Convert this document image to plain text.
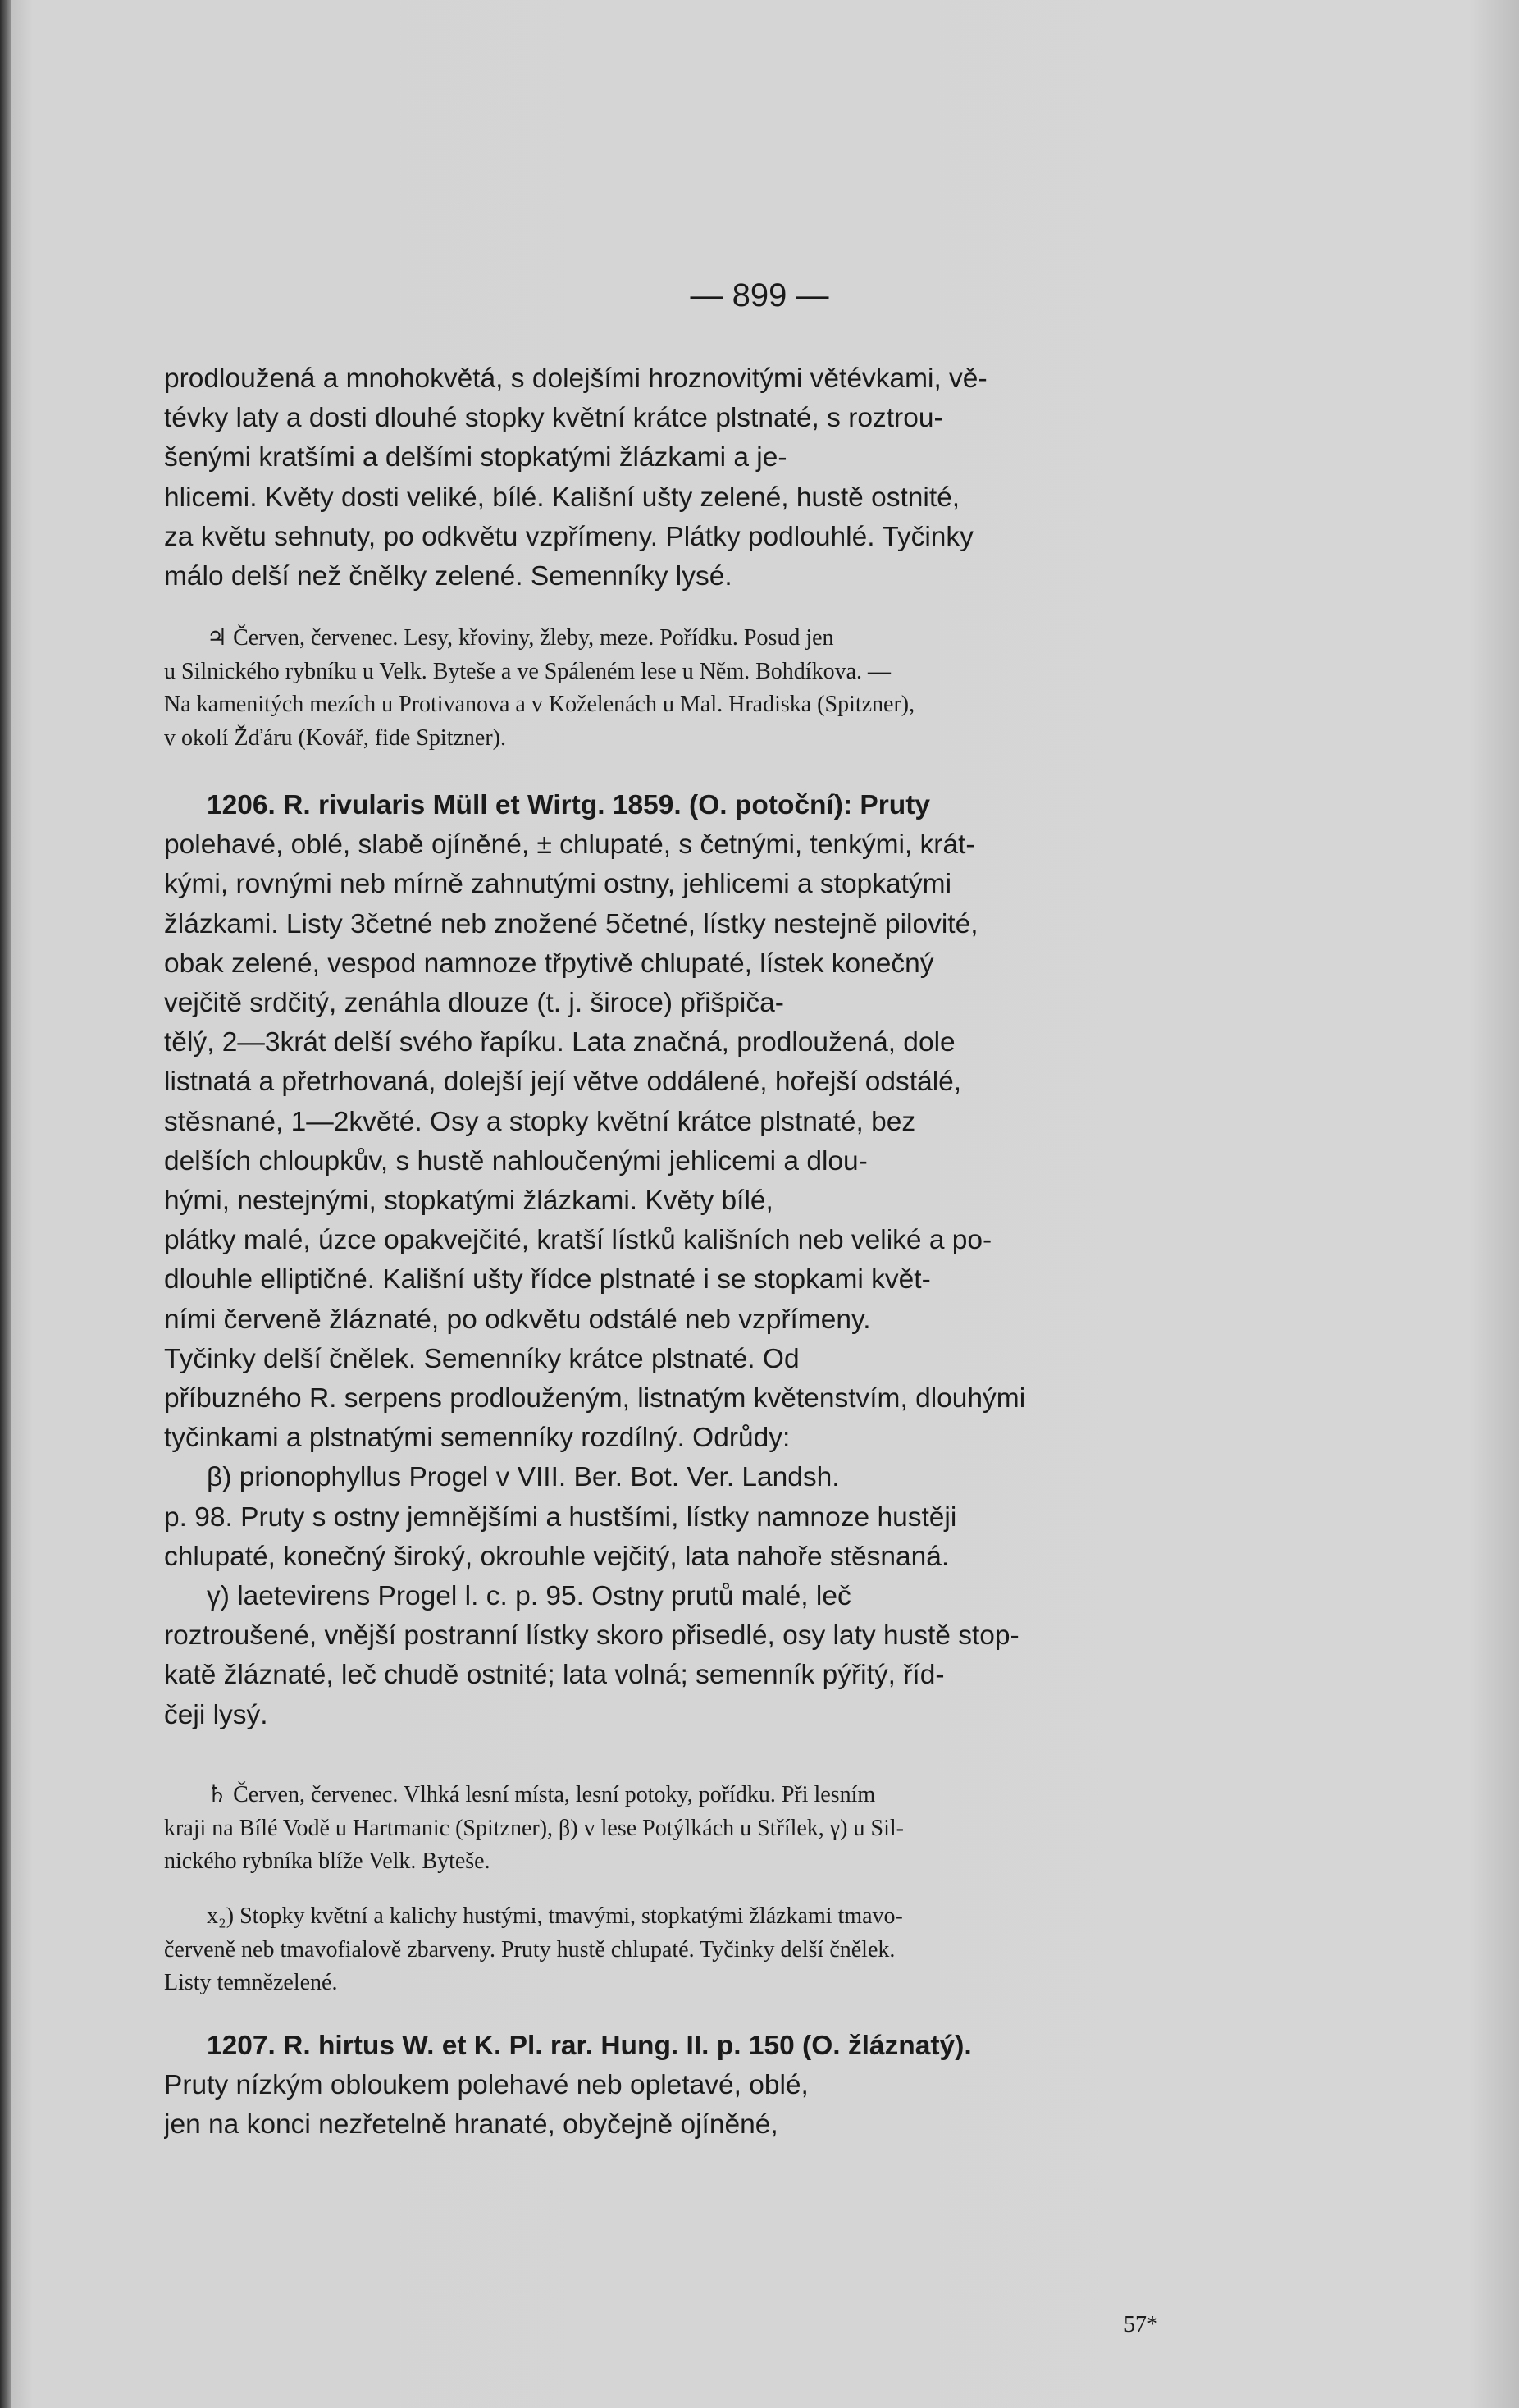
— 899 —
prodloužená a mnohokvětá, s dolejšími hroznovitými větévkami, vě-
tévky laty a dosti dlouhé stopky květní krátce plstnaté, s roztrou-
šenými kratšími a delšími stopkatými žlázkami a je-
hlicemi. Květy dosti veliké, bílé. Kališní ušty zelené, hustě ostnité,
za květu sehnuty, po odkvětu vzpřímeny. Plátky podlouhlé. Tyčinky
málo delší než čnělky zelené. Semenníky lysé.
♃ Červen, červenec. Lesy, křoviny, žleby, meze. Pořídku. Posud jen
u Silnického rybníku u Velk. Byteše a ve Spáleném lese u Něm. Bohdíkova. —
Na kamenitých mezích u Protivanova a v Koželenách u Mal. Hradiska (Spitzner),
v okolí Žďáru (Kovář, fide Spitzner).
1206. R. rivularis Müll et Wirtg. 1859. (O. potoční): Pruty
polehavé, oblé, slabě ojíněné, ± chlupaté, s četnými, tenkými, krát-
kými, rovnými neb mírně zahnutými ostny, jehlicemi a stopkatými
žlázkami. Listy 3četné neb znožené 5četné, lístky nestejně pilovité,
obak zelené, vespod namnoze třpytivě chlupaté, lístek konečný
vejčitě srdčitý, zenáhla dlouze (t. j. široce) přišpiča-
tělý, 2—3krát delší svého řapíku. Lata značná, prodloužená, dole
listnatá a přetrhovaná, dolejší její větve oddálené, hořejší odstálé,
stěsnané, 1—2květé. Osy a stopky květní krátce plstnaté, bez
delších chloupkův, s hustě nahloučenými jehlicemi a dlou-
hými, nestejnými, stopkatými žlázkami. Květy bílé,
plátky malé, úzce opakvejčité, kratší lístků kališních neb veliké a po-
dlouhle elliptičné. Kališní ušty řídce plstnaté i se stopkami květ-
ními červeně žláznaté, po odkvětu odstálé neb vzpřímeny.
Tyčinky delší čnělek. Semenníky krátce plstnaté. Od
příbuzného R. serpens prodlouženým, listnatým květenstvím, dlouhými
tyčinkami a plstnatými semenníky rozdílný. Odrůdy:
β) prionophyllus Progel v VIII. Ber. Bot. Ver. Landsh.
p. 98. Pruty s ostny jemnějšími a hustšími, lístky namnoze hustěji
chlupaté, konečný široký, okrouhle vejčitý, lata nahoře stěsnaná.
γ) laetevirens Progel l. c. p. 95. Ostny prutů malé, leč
roztroušené, vnější postranní lístky skoro přisedlé, osy laty hustě stop-
katě žláznaté, leč chudě ostnité; lata volná; semenník pýřitý, říd-
čeji lysý.
♄ Červen, červenec. Vlhká lesní místa, lesní potoky, pořídku. Při lesním
kraji na Bílé Vodě u Hartmanic (Spitzner), β) v lese Potýlkách u Střílek, γ) u Sil-
nického rybníka blíže Velk. Byteše.
x₂) Stopky květní a kalichy hustými, tmavými, stopkatými žlázkami tmavo-
červeně neb tmavofialově zbarveny. Pruty hustě chlupaté. Tyčinky delší čnělek.
Listy temnězelené.
1207. R. hirtus W. et K. Pl. rar. Hung. II. p. 150 (O. žláznatý).
Pruty nízkým obloukem polehavé neb opletavé, oblé,
jen na konci nezřetelně hranaté, obyčejně ojíněné,
57*
